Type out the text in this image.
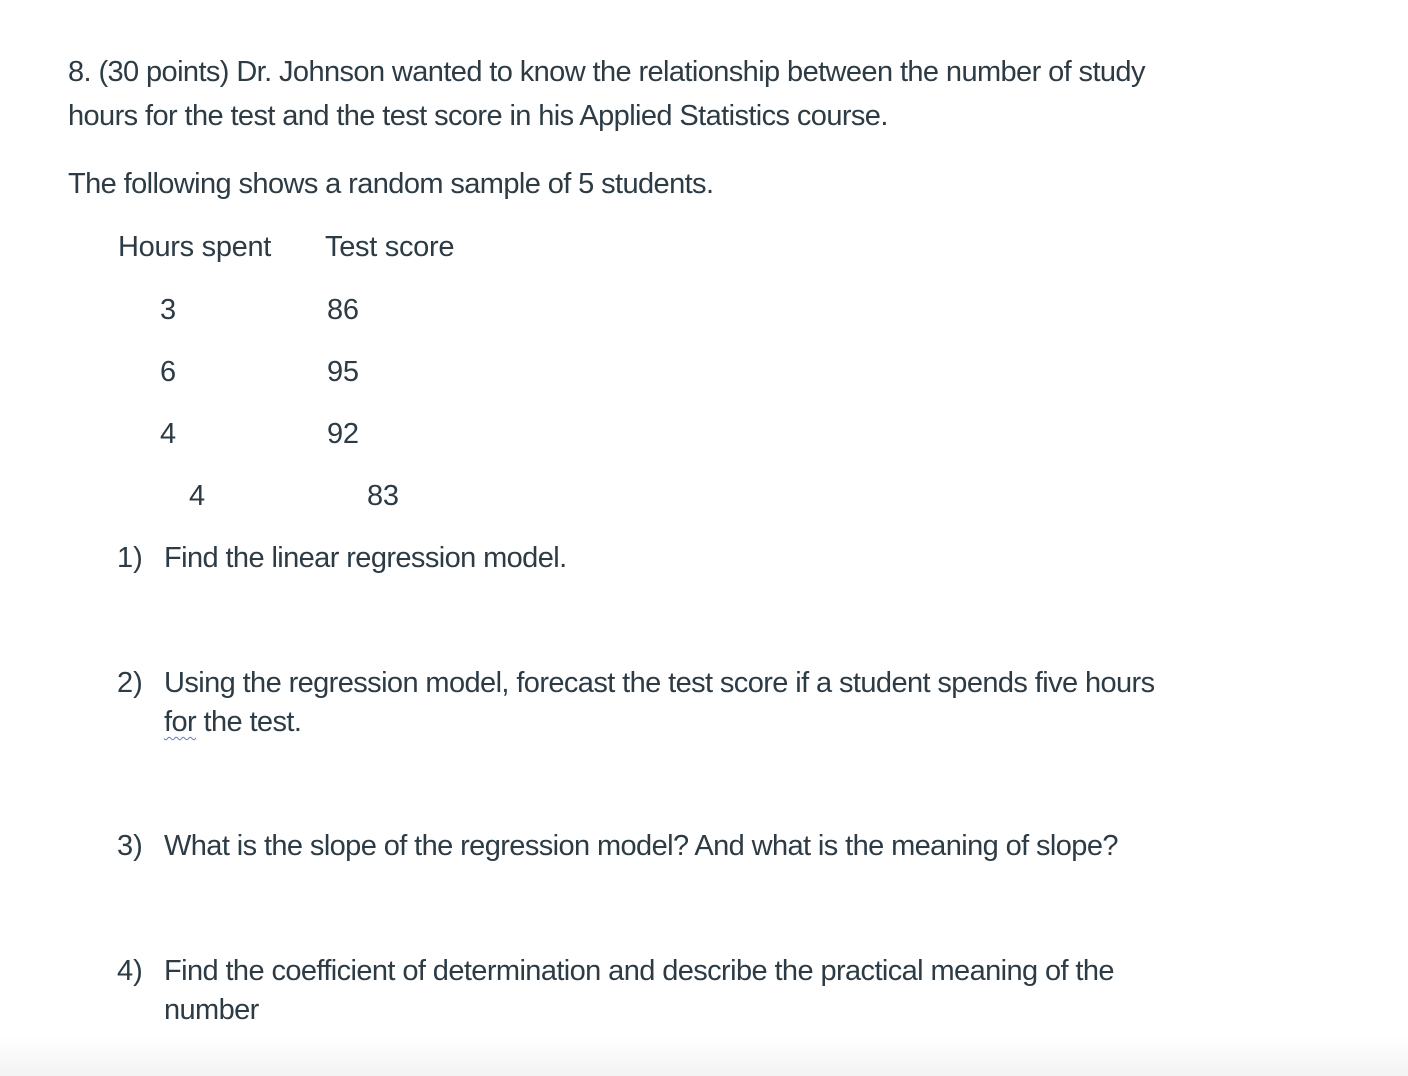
8. (30 points) Dr. Johnson wanted to know the relationship between the number of study
hours for the test and the test score in his Applied Statistics course.
The following shows a random sample of 5 students.
Hours spent Test score
3	86
6	95
4	92
4	83
1) Find the linear regression model.
2) Using the regression model, forecast the test score if a student spends five hours
for the test.
3) What is the slope of the regression model? And what is the meaning of slope?
4) Find the coefficient of determination and describe the practical meaning of the
number
